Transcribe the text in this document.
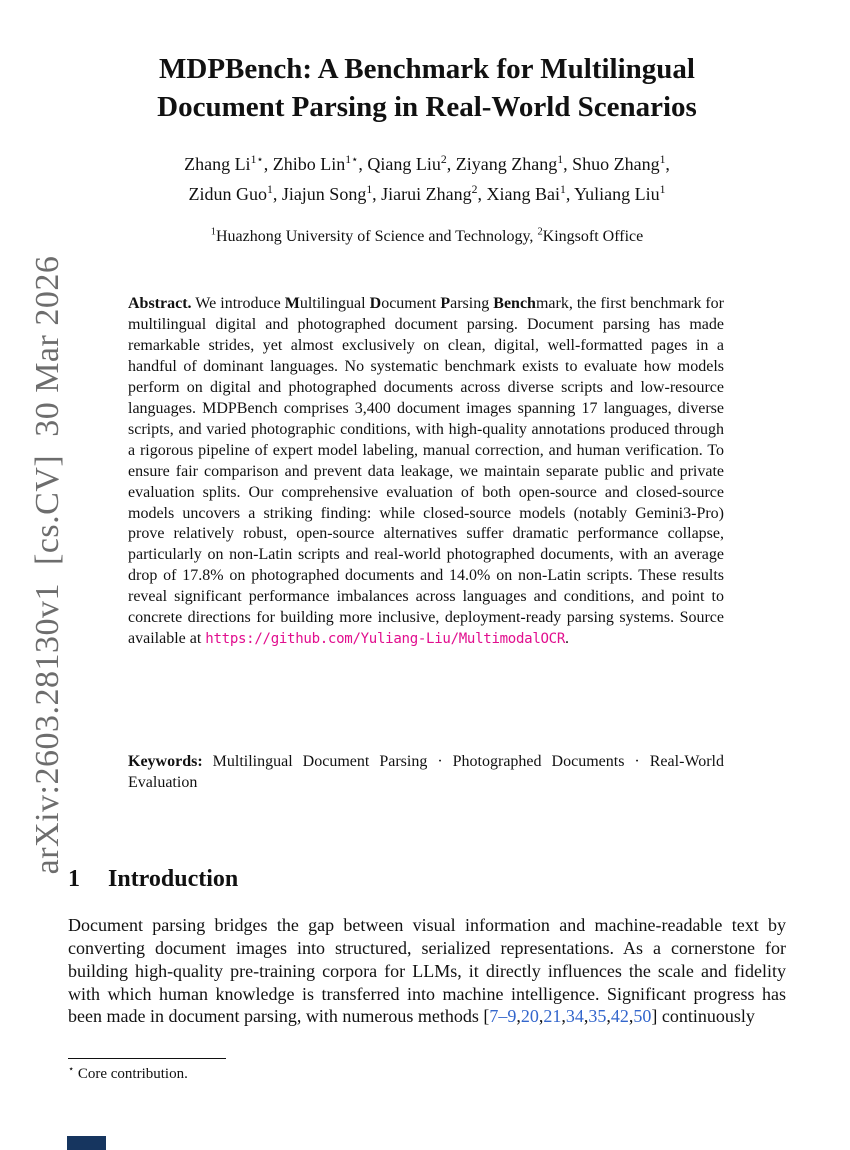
arXiv:2603.28130v1  [cs.CV]  30 Mar 2026
MDPBench: A Benchmark for Multilingual Document Parsing in Real-World Scenarios
Zhang $Li^{1⋆}$, Zhibo Lin$^{1⋆}$, Qiang Liu$^2$, Ziyang Zhang$^1$, Shuo Zhang$^1$,
Zidun Guo$^1$, Jiajun Song$^1$, Jiarui Zhang$^2$, Xiang Bai$^1$, Yuliang Liu$^1$
$^1$Huazhong University of Science and Technology, $^2$Kingsoft Office
Abstract. We introduce Multilingual Document Parsing Benchmark, the first benchmark for multilingual digital and photographed document parsing. Document parsing has made remarkable strides, yet almost exclusively on clean, digital, well-formatted pages in a handful of dominant languages. No systematic benchmark exists to evaluate how models perform on digital and photographed documents across diverse scripts and low-resource languages. MDPBench comprises 3,400 document images spanning 17 languages, diverse scripts, and varied photographic conditions, with high-quality annotations produced through a rigorous pipeline of expert model labeling, manual correction, and human verification. To ensure fair comparison and prevent data leakage, we maintain separate public and private evaluation splits. Our comprehensive evaluation of both open-source and closed-source models uncovers a striking finding: while closed-source models (notably Gemini3-Pro) prove relatively robust, open-source alternatives suffer dramatic performance collapse, particularly on non-Latin scripts and real-world photographed documents, with an average drop of 17.8% on photographed documents and 14.0% on non-Latin scripts. These results reveal significant performance imbalances across languages and conditions, and point to concrete directions for building more inclusive, deployment-ready parsing systems. Source available at https://github.com/Yuliang-Liu/MultimodalOCR.
Keywords: Multilingual Document Parsing · Photographed Documents · Real-World Evaluation
1 Introduction
Document parsing bridges the gap between visual information and machine-readable text by converting document images into structured, serialized representations. As a cornerstone for building high-quality pre-training corpora for LLMs, it directly influences the scale and fidelity with which human knowledge is transferred into machine intelligence. Significant progress has been made in document parsing, with numerous methods [7–9,20,21,34,35,42,50] continuously
⋆ Core contribution.
